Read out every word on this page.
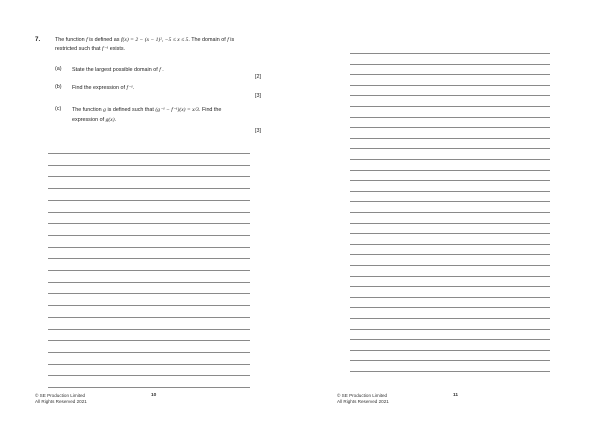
7.	The function f is defined as f(x) = 2 − (x − 1)², −5 ≤ x ≤ 5. The domain of f is
restricted such that f⁻¹ exists.
(a) State the largest possible domain of f .
[2]
(b) Find the expression of f⁻¹.
[3]
(c) The function g is defined such that (g⁻¹ − f⁻¹)(x) = x/3. Find the
expression of g(x).
[3]
© SE Production Limited
All Rights Reserved 2021
10	© SE Production Limited
All Rights Reserved 2021
11
